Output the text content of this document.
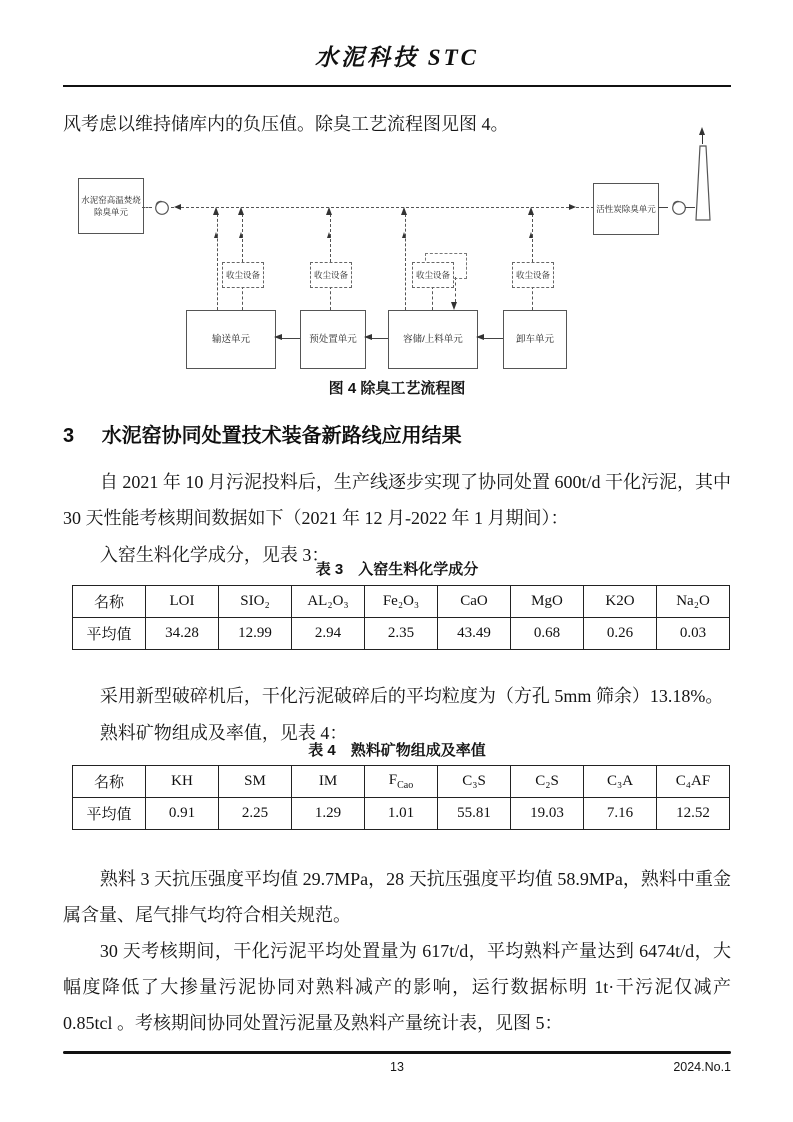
水泥科技 STC

风考虑以维持储库内的负压值。除臭工艺流程图见图 4。

水泥窑高温焚烧
除臭单元	活性炭除臭单元
输送单元	预处置单元	容储/上料单元	卸车单元
收尘设备	收尘设备	收尘设备	收尘设备
图 4 除臭工艺流程图
3 水泥窑协同处置技术装备新路线应用结果

自 2021 年 10 月污泥投料后，生产线逐步实现了协同处置 600t/d 干化污泥，其中 30 天性能考核期间数据如下（2021 年 12 月-2022 年 1 月期间）：

入窑生料化学成分，见表 3：

表 3　入窑生料化学成分
名称	LOI	SIO₂	AL₂O₃	Fe₂O₃	CaO	MgO	K2O	Na₂O
平均值	34.28	12.99	2.94	2.35	43.49	0.68	0.26	0.03

采用新型破碎机后，干化污泥破碎后的平均粒度为（方孔 5mm 筛余）13.18%。

熟料矿物组成及率值，见表 4：

表 4　熟料矿物组成及率值
名称	KH	SM	IM	$F_{Cao}$	C₃S	C₂S	C₃A	C₄AF
平均值	0.91	2.25	1.29	1.01	55.81	19.03	7.16	12.52

熟料 3 天抗压强度平均值 29.7MPa，28 天抗压强度平均值 58.9MPa，熟料中重金属含量、尾气排气均符合相关规范。

30 天考核期间，干化污泥平均处置量为 617t/d，平均熟料产量达到 6474t/d，大幅度降低了大掺量污泥协同对熟料减产的影响，运行数据标明 1t·干污泥仅减产 0.85tcl 。考核期间协同处置污泥量及熟料产量统计表，见图 5：

13	2024.No.1
